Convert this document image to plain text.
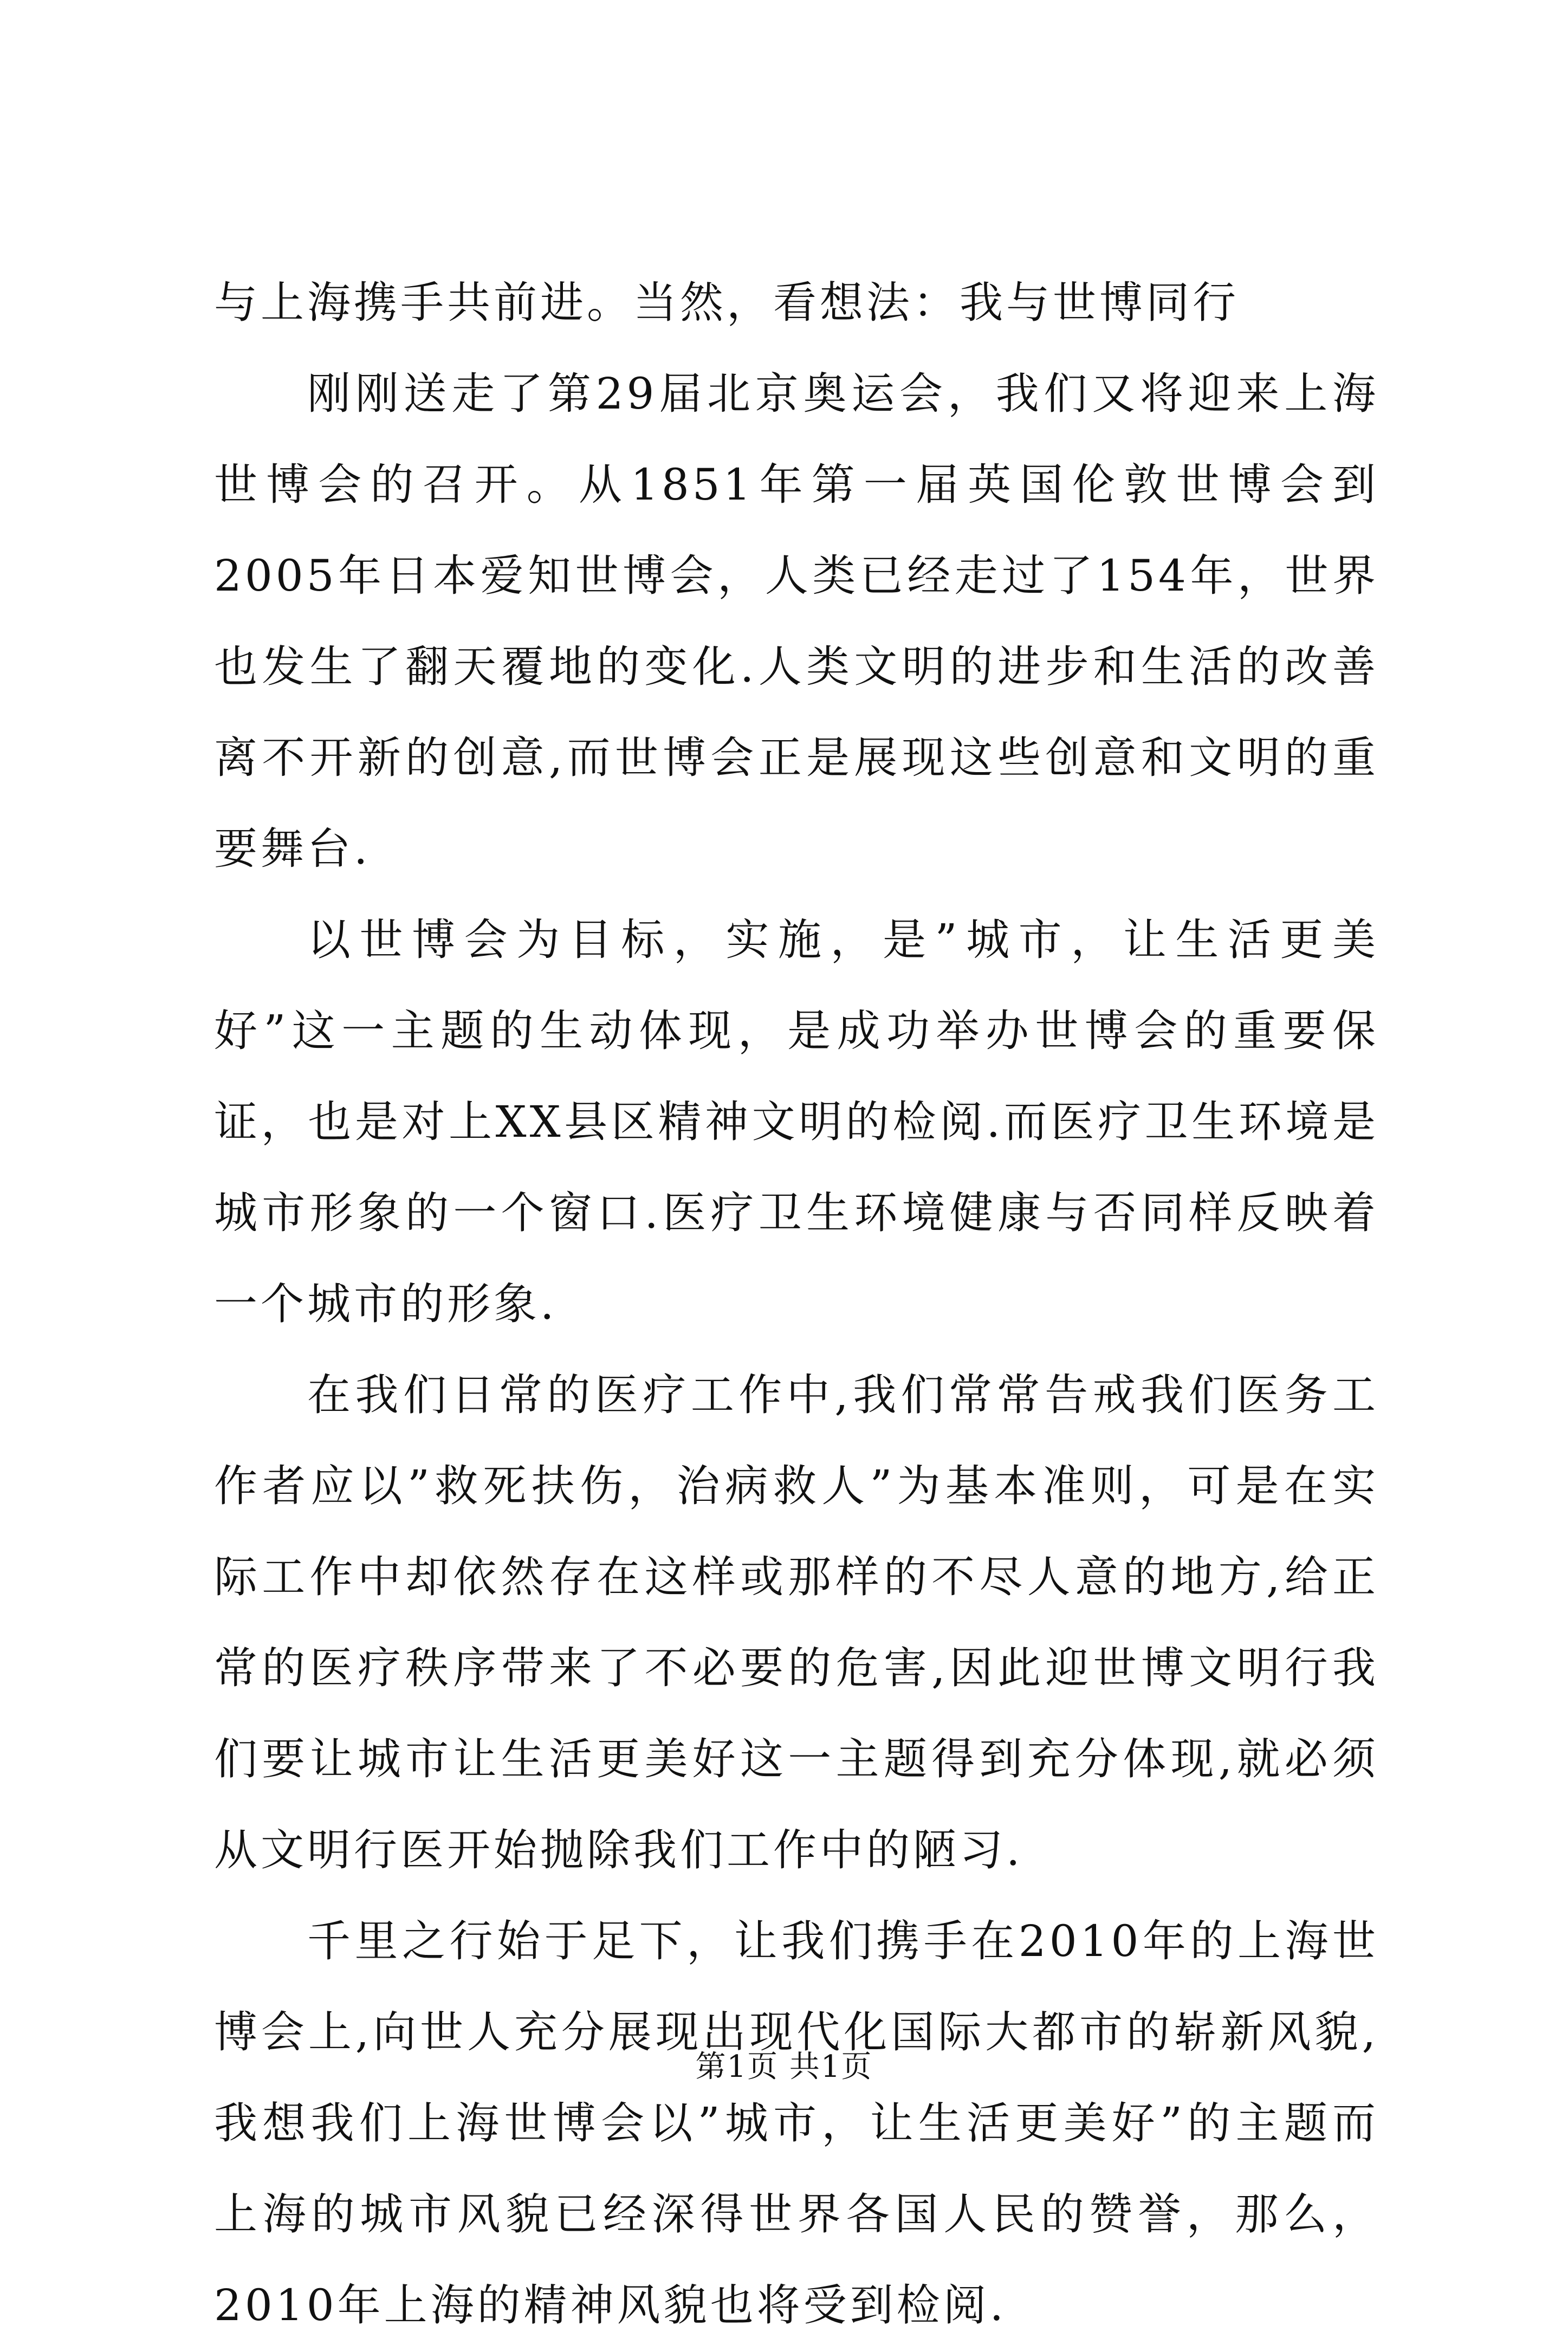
与上海携手共前进。当然，看想法：我与世博同行

刚刚送走了第29届北京奥运会，我们又将迎来上海世博会的召开。从1851年第一届英国伦敦世博会到2005年日本爱知世博会，人类已经走过了154年，世界也发生了翻天覆地的变化.人类文明的进步和生活的改善离不开新的创意,而世博会正是展现这些创意和文明的重要舞台.

以世博会为目标，实施，是”城市，让生活更美好”这一主题的生动体现，是成功举办世博会的重要保证，也是对上XX县区精神文明的检阅.而医疗卫生环境是城市形象的一个窗口.医疗卫生环境健康与否同样反映着一个城市的形象.

在我们日常的医疗工作中,我们常常告戒我们医务工作者应以”救死扶伤，治病救人”为基本准则，可是在实际工作中却依然存在这样或那样的不尽人意的地方,给正常的医疗秩序带来了不必要的危害,因此迎世博文明行我们要让城市让生活更美好这一主题得到充分体现,就必须从文明行医开始抛除我们工作中的陋习.

千里之行始于足下，让我们携手在2010年的上海世博会上,向世人充分展现出现代化国际大都市的崭新风貌,我想我们上海世博会以”城市，让生活更美好”的主题而上海的城市风貌已经深得世界各国人民的赞誉，那么，2010年上海的精神风貌也将受到检阅.

第1页 共1页
